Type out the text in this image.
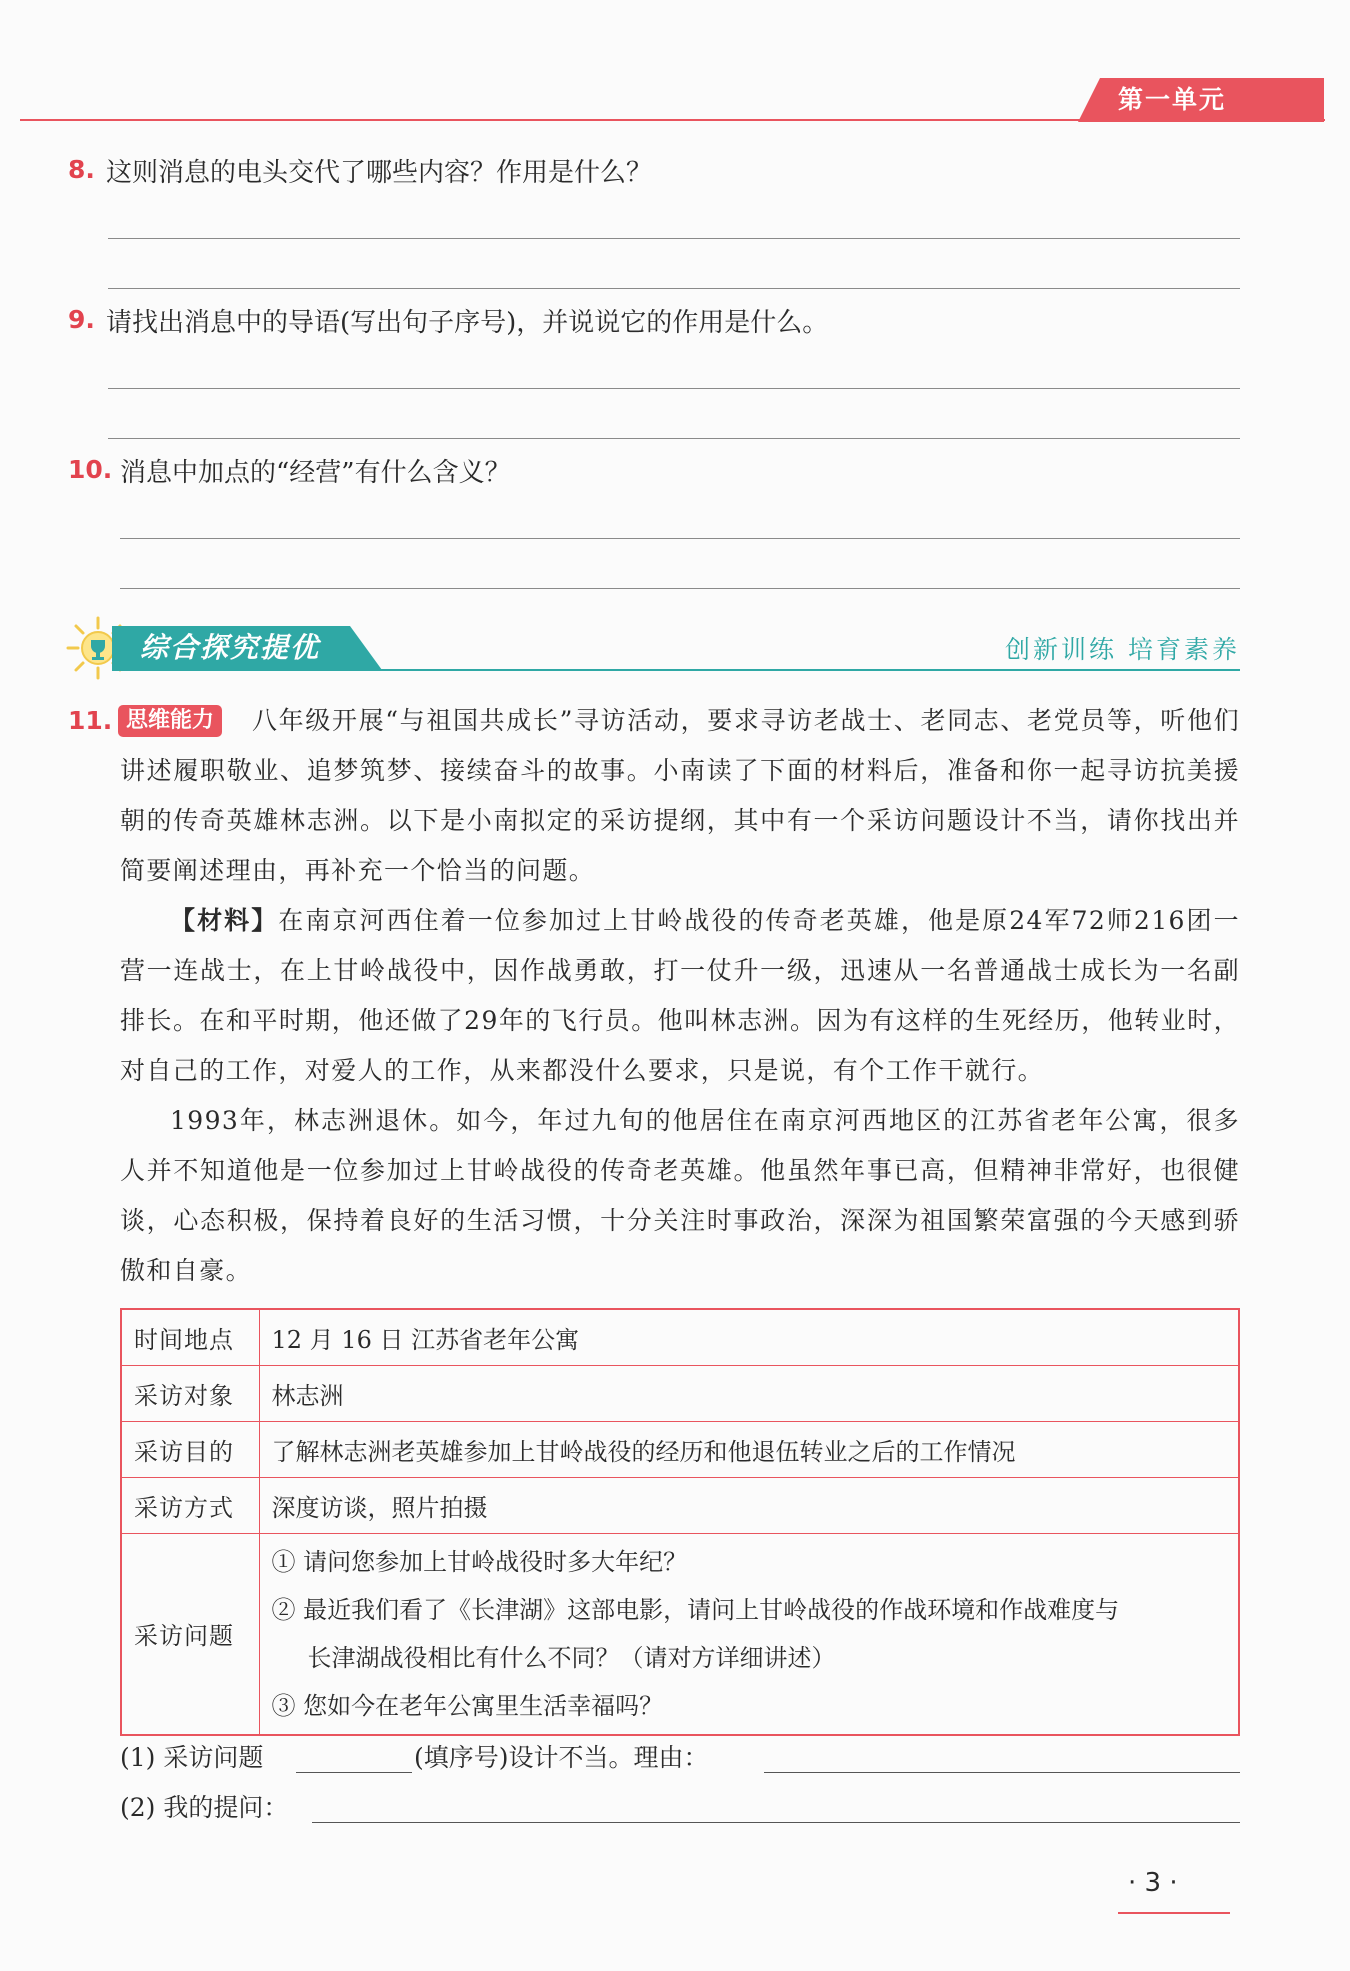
第一单元
8. 这则消息的电头交代了哪些内容？作用是什么？
9. 请找出消息中的导语(写出句子序号)，并说说它的作用是什么。
10. 消息中加点的“经营”有什么含义？
综合探究提优	创新训练 培育素养
11. 思维能力	八年级开展“与祖国共成长”寻访活动，要求寻访老战士、老同志、老党员等，听他们讲述履职敬业、追梦筑梦、接续奋斗的故事。小南读了下面的材料后，准备和你一起寻访抗美援朝的传奇英雄林志洲。以下是小南拟定的采访提纲，其中有一个采访问题设计不当，请你找出并简要阐述理由，再补充一个恰当的问题。
【材料】在南京河西住着一位参加过上甘岭战役的传奇老英雄，他是原24军72师216团一营一连战士，在上甘岭战役中，因作战勇敢，打一仗升一级，迅速从一名普通战士成长为一名副排长。在和平时期，他还做了29年的飞行员。他叫林志洲。因为有这样的生死经历，他转业时，对自己的工作，对爱人的工作，从来都没什么要求，只是说，有个工作干就行。
1993年，林志洲退休。如今，年过九旬的他居住在南京河西地区的江苏省老年公寓，很多人并不知道他是一位参加过上甘岭战役的传奇老英雄。他虽然年事已高，但精神非常好，也很健谈，心态积极，保持着良好的生活习惯，十分关注时事政治，深深为祖国繁荣富强的今天感到骄傲和自豪。
时间地点	12 月 16 日 江苏省老年公寓
采访对象	林志洲
采访目的	了解林志洲老英雄参加上甘岭战役的经历和他退伍转业之后的工作情况
采访方式	深度访谈，照片拍摄
采访问题	① 请问您参加上甘岭战役时多大年纪？
② 最近我们看了《长津湖》这部电影，请问上甘岭战役的作战环境和作战难度与
长津湖战役相比有什么不同？（请对方详细讲述）
③ 您如今在老年公寓里生活幸福吗？
(1) 采访问题	(填序号)设计不当。理由：
(2) 我的提问：
· 3 ·
